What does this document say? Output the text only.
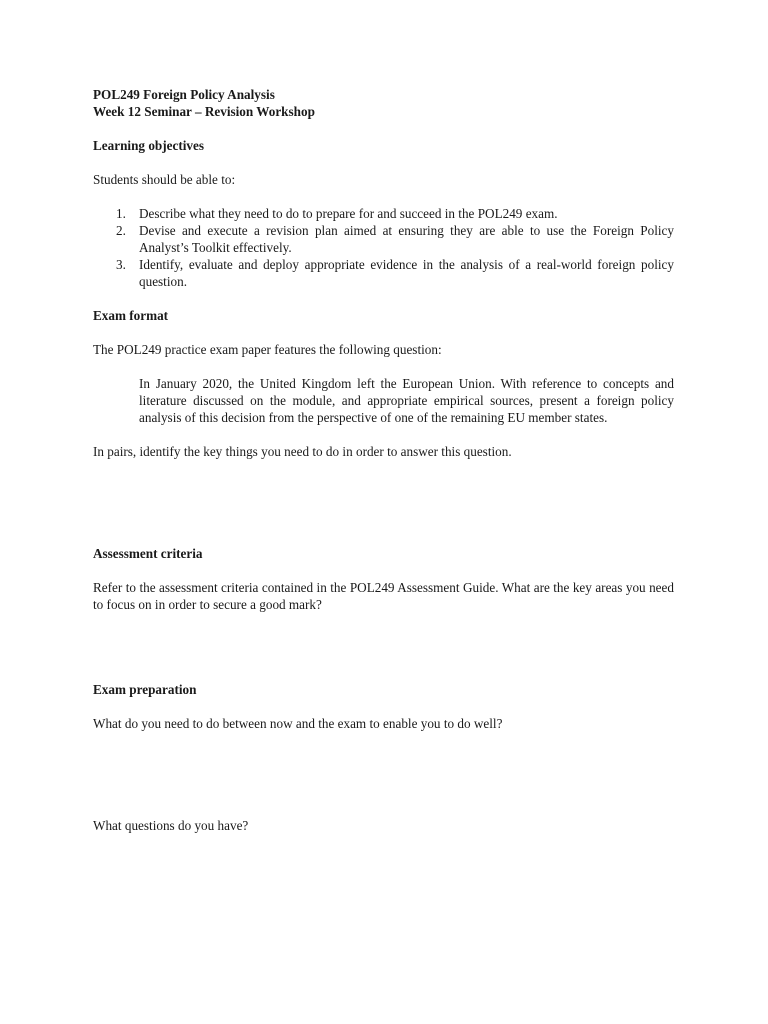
POL249 Foreign Policy Analysis

Week 12 Seminar – Revision Workshop

Learning objectives

Students should be able to:

1. Describe what they need to do to prepare for and succeed in the POL249 exam.
2. Devise and execute a revision plan aimed at ensuring they are able to use the Foreign Policy Analyst’s Toolkit effectively.
3. Identify, evaluate and deploy appropriate evidence in the analysis of a real-world foreign policy question.

Exam format

The POL249 practice exam paper features the following question:

In January 2020, the United Kingdom left the European Union. With reference to concepts and literature discussed on the module, and appropriate empirical sources, present a foreign policy analysis of this decision from the perspective of one of the remaining EU member states.

In pairs, identify the key things you need to do in order to answer this question.

Assessment criteria

Refer to the assessment criteria contained in the POL249 Assessment Guide. What are the key areas you need to focus on in order to secure a good mark?

Exam preparation

What do you need to do between now and the exam to enable you to do well?

What questions do you have?
